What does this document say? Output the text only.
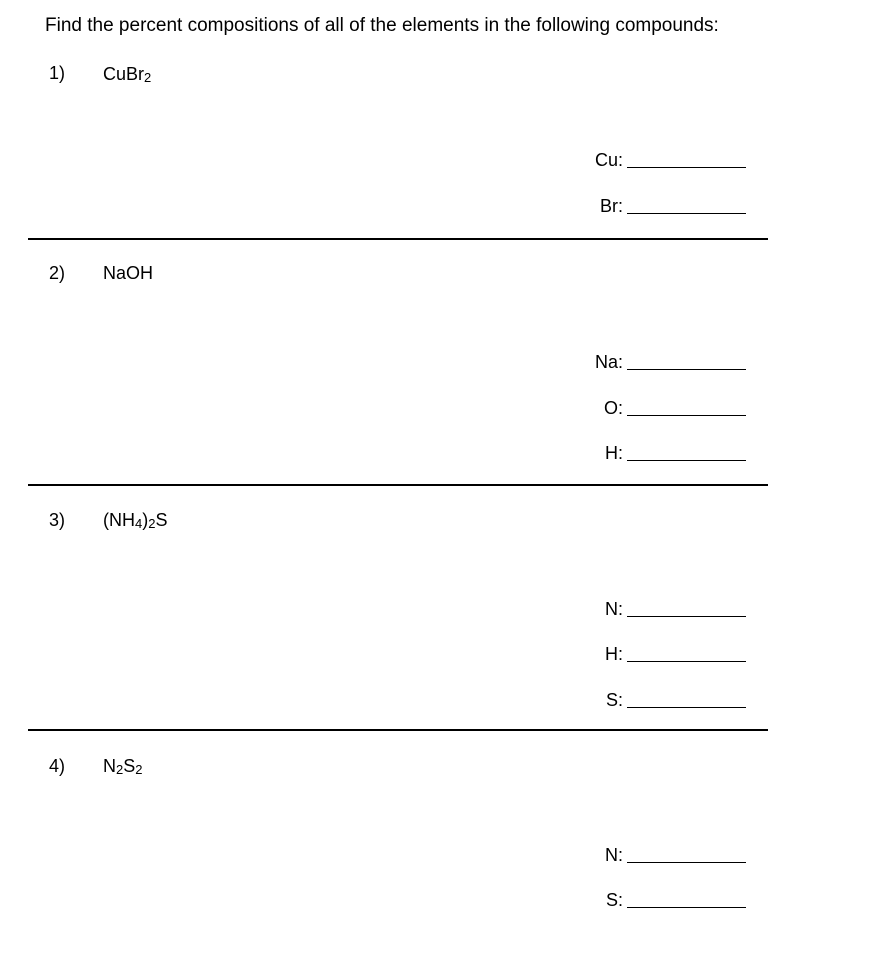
Find the percent compositions of all of the elements in the following compounds:
1) CuBr$_2$
Cu:
Br:
2) NaOH
Na:
O:
H:
3) $(NH_4)_2S$
N:
H:
S:
4) $N_2S_2$
N:
S:
